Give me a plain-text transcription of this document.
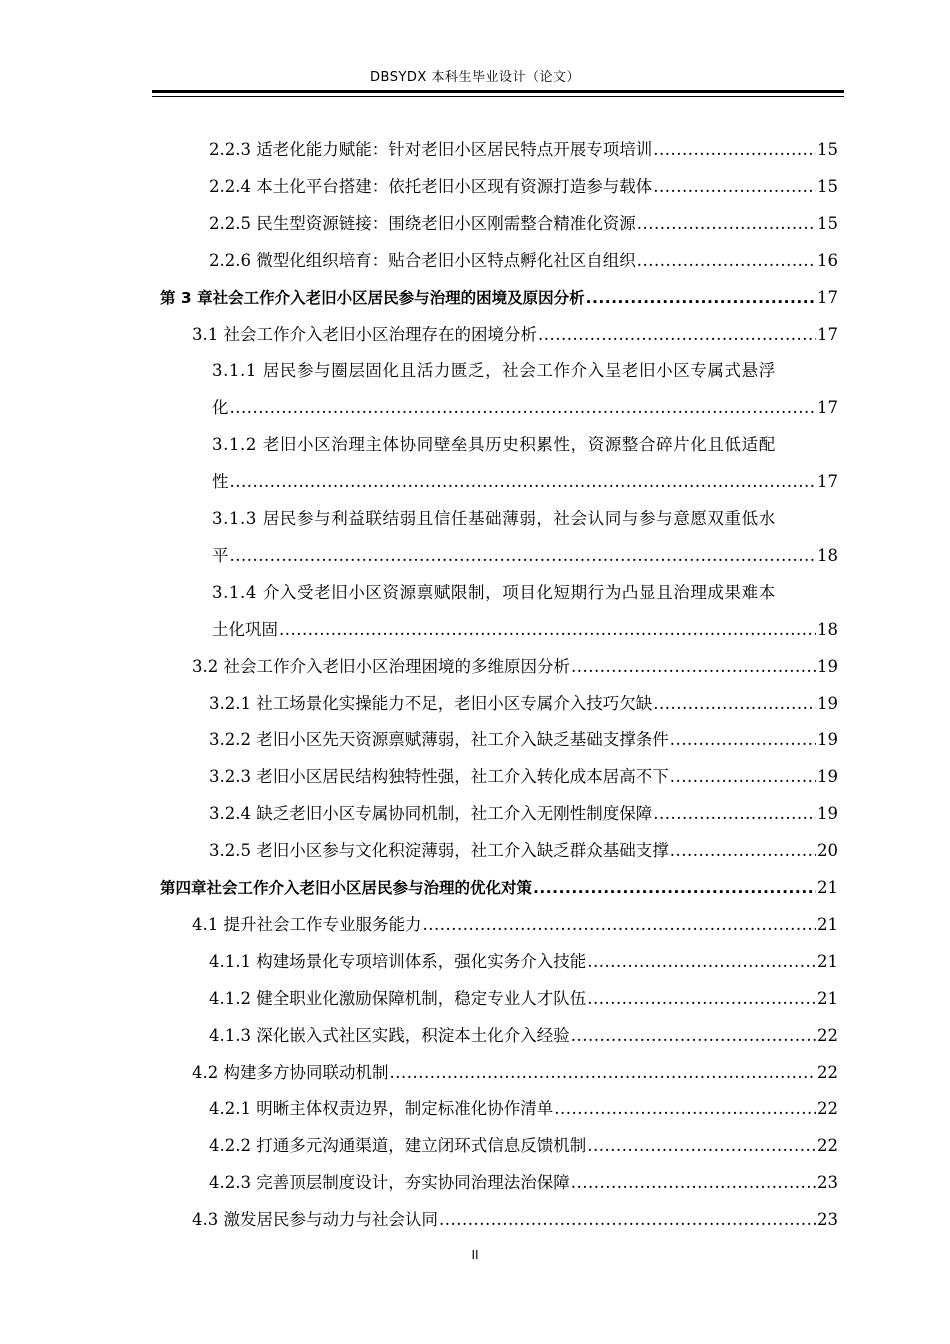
DBSYDX 本科生毕业设计（论文）
2.2.3 适老化能力赋能：针对老旧小区居民特点开展专项培训 .....	15
2.2.4 本土化平台搭建：依托老旧小区现有资源打造参与载体 .....	15
2.2.5 民生型资源链接：围绕老旧小区刚需整合精准化资源 .....	15
2.2.6 微型化组织培育：贴合老旧小区特点孵化社区自组织 .....	16
第 3 章社会工作介入老旧小区居民参与治理的困境及原因分析 .....	17
3.1 社会工作介入老旧小区治理存在的困境分析 .....	17
3.1.1 居民参与圈层固化且活力匮乏，社会工作介入呈老旧小区专属式悬浮
化 .....	17
3.1.2 老旧小区治理主体协同壁垒具历史积累性，资源整合碎片化且低适配
性 .....	17
3.1.3 居民参与利益联结弱且信任基础薄弱，社会认同与参与意愿双重低水
平 .....	18
3.1.4 介入受老旧小区资源禀赋限制，项目化短期行为凸显且治理成果难本
土化巩固 .....	18
3.2 社会工作介入老旧小区治理困境的多维原因分析 .....	19
3.2.1 社工场景化实操能力不足，老旧小区专属介入技巧欠缺 .....	19
3.2.2 老旧小区先天资源禀赋薄弱，社工介入缺乏基础支撑条件 .....	19
3.2.3 老旧小区居民结构独特性强，社工介入转化成本居高不下 .....	19
3.2.4 缺乏老旧小区专属协同机制，社工介入无刚性制度保障 .....	19
3.2.5 老旧小区参与文化积淀薄弱，社工介入缺乏群众基础支撑 .....	20
第四章社会工作介入老旧小区居民参与治理的优化对策 .....	21
4.1 提升社会工作专业服务能力 .....	21
4.1.1 构建场景化专项培训体系，强化实务介入技能 .....	21
4.1.2 健全职业化激励保障机制，稳定专业人才队伍 .....	21
4.1.3 深化嵌入式社区实践，积淀本土化介入经验 .....	22
4.2 构建多方协同联动机制 .....	22
4.2.1 明晰主体权责边界，制定标准化协作清单 .....	22
4.2.2 打通多元沟通渠道，建立闭环式信息反馈机制 .....	22
4.2.3 完善顶层制度设计，夯实协同治理法治保障 .....	23
4.3 激发居民参与动力与社会认同 .....	23
II
